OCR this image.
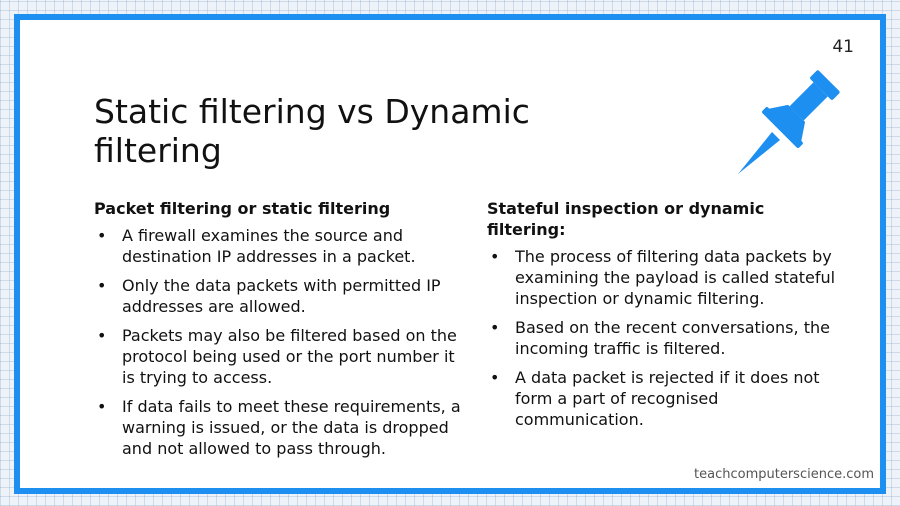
41
Static filtering vs Dynamic filtering
Packet filtering or static filtering
• A firewall examines the source and destination IP addresses in a packet.
• Only the data packets with permitted IP addresses are allowed.
• Packets may also be filtered based on the protocol being used or the port number it is trying to access.
• If data fails to meet these requirements, a warning is issued, or the data is dropped and not allowed to pass through.
Stateful inspection or dynamic filtering:
• The process of filtering data packets by examining the payload is called stateful inspection or dynamic filtering.
• Based on the recent conversations, the incoming traffic is filtered.
• A data packet is rejected if it does not form a part of recognised communication.
teachcomputerscience.com
